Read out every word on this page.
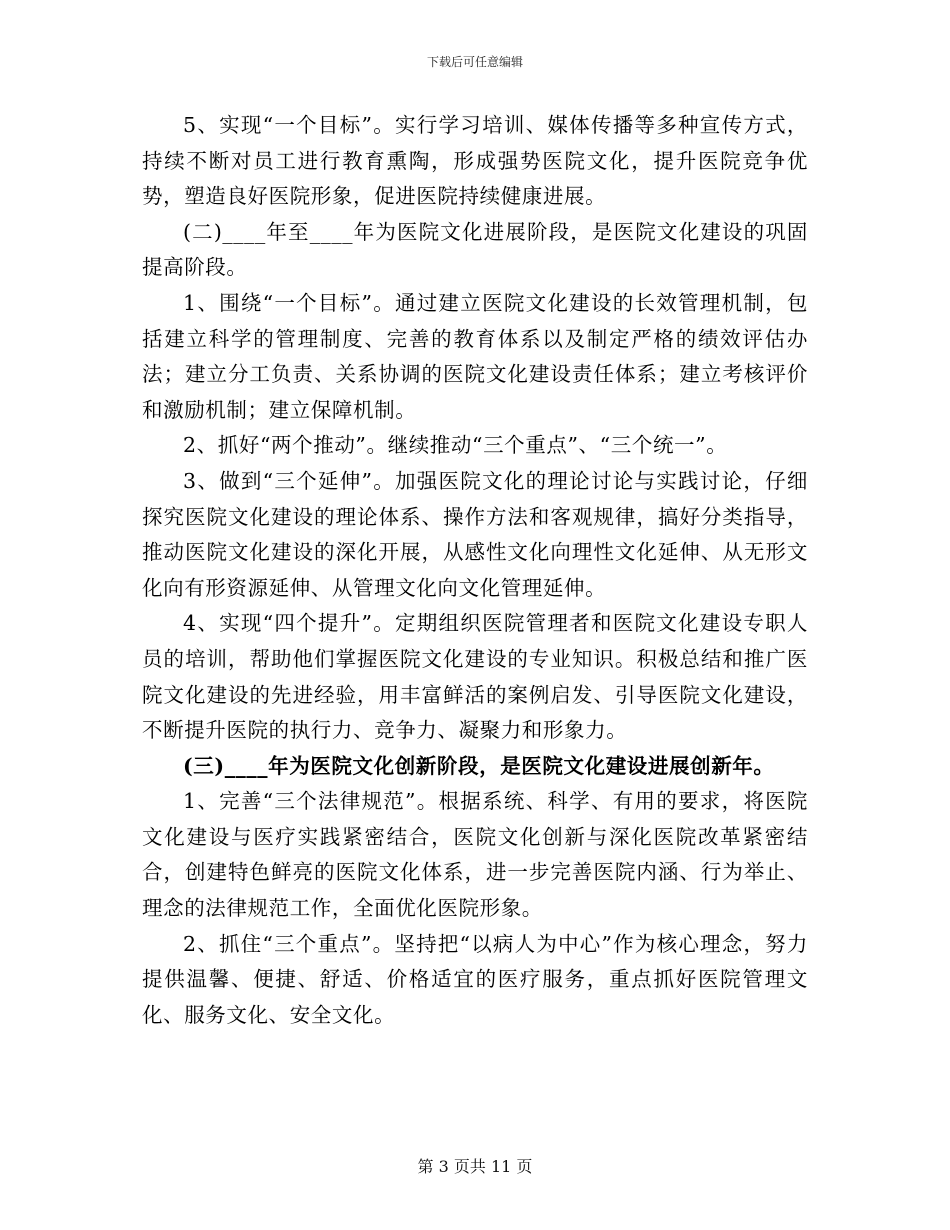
下载后可任意编辑

5、实现“一个目标”。实行学习培训、媒体传播等多种宣传方式，持续不断对员工进行教育熏陶，形成强势医院文化，提升医院竞争优势，塑造良好医院形象，促进医院持续健康进展。

(二)____年至____年为医院文化进展阶段，是医院文化建设的巩固提高阶段。

1、围绕“一个目标”。通过建立医院文化建设的长效管理机制，包括建立科学的管理制度、完善的教育体系以及制定严格的绩效评估办法；建立分工负责、关系协调的医院文化建设责任体系；建立考核评价和激励机制；建立保障机制。

2、抓好“两个推动”。继续推动“三个重点”、“三个统一”。

3、做到“三个延伸”。加强医院文化的理论讨论与实践讨论，仔细探究医院文化建设的理论体系、操作方法和客观规律，搞好分类指导，推动医院文化建设的深化开展，从感性文化向理性文化延伸、从无形文化向有形资源延伸、从管理文化向文化管理延伸。

4、实现“四个提升”。定期组织医院管理者和医院文化建设专职人员的培训，帮助他们掌握医院文化建设的专业知识。积极总结和推广医院文化建设的先进经验，用丰富鲜活的案例启发、引导医院文化建设，不断提升医院的执行力、竞争力、凝聚力和形象力。

(三)____年为医院文化创新阶段，是医院文化建设进展创新年。

1、完善“三个法律规范”。根据系统、科学、有用的要求，将医院文化建设与医疗实践紧密结合，医院文化创新与深化医院改革紧密结合，创建特色鲜亮的医院文化体系，进一步完善医院内涵、行为举止、理念的法律规范工作，全面优化医院形象。

2、抓住“三个重点”。坚持把“以病人为中心”作为核心理念，努力提供温馨、便捷、舒适、价格适宜的医疗服务，重点抓好医院管理文化、服务文化、安全文化。

第 3 页共 11 页
